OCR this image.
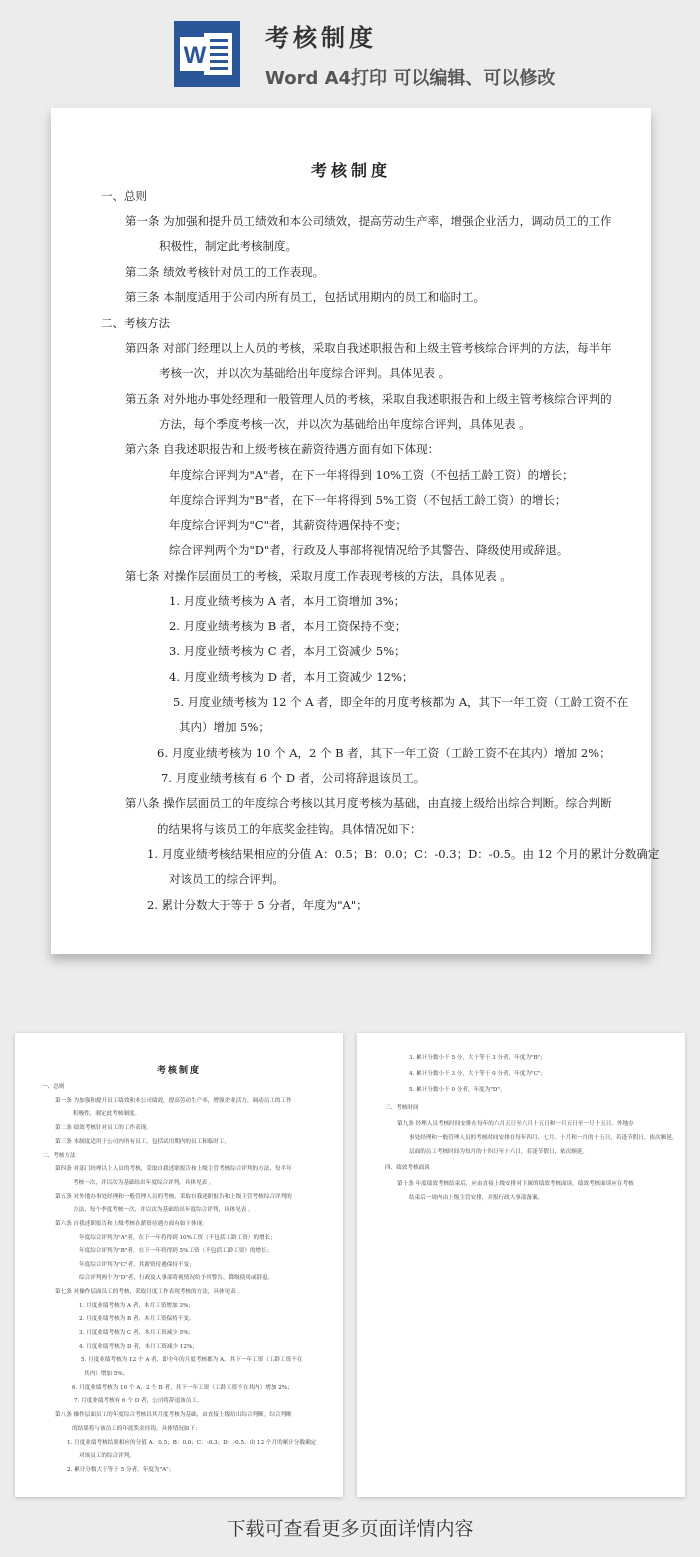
W
考核制度
Word A4打印 可以编辑、可以修改
考核制度
一、总则
第一条 为加强和提升员工绩效和本公司绩效，提高劳动生产率，增强企业活力，调动员工的工作
积极性，制定此考核制度。
第二条 绩效考核针对员工的工作表现。
第三条 本制度适用于公司内所有员工，包括试用期内的员工和临时工。
二、考核方法
第四条 对部门经理以上人员的考核，采取自我述职报告和上级主管考核综合评判的方法，每半年
考核一次，并以次为基础给出年度综合评判。具体见表 。
第五条 对外地办事处经理和一般管理人员的考核，采取自我述职报告和上级主管考核综合评判的
方法，每个季度考核一次，并以次为基础给出年度综合评判，具体见表 。
第六条 自我述职报告和上级考核在薪资待遇方面有如下体现：
年度综合评判为"A"者，在下一年将得到 10%工资（不包括工龄工资）的增长；
年度综合评判为"B"者，在下一年将得到 5%工资（不包括工龄工资）的增长；
年度综合评判为"C"者，其薪资待遇保持不变；
综合评判两个为"D"者，行政及人事部将视情况给予其警告、降级使用或辞退。
第七条 对操作层面员工的考核，采取月度工作表现考核的方法，具体见表 。
1. 月度业绩考核为 A 者，本月工资增加 3%；
2. 月度业绩考核为 B 者，本月工资保持不变；
3. 月度业绩考核为 C 者，本月工资减少 5%；
4. 月度业绩考核为 D 者，本月工资减少 12%；
5. 月度业绩考核为 12 个 A 者，即全年的月度考核都为 A，其下一年工资（工龄工资不在
其内）增加 5%；
6. 月度业绩考核为 10 个 A，2 个 B 者，其下一年工资（工龄工资不在其内）增加 2%；
7. 月度业绩考核有 6 个 D 者，公司将辞退该员工。
第八条 操作层面员工的年度综合考核以其月度考核为基础，由直接上级给出综合判断。综合判断
的结果将与该员工的年底奖金挂钩。具体情况如下：
1. 月度业绩考核结果相应的分值 A：0.5；B：0.0；C：-0.3；D：-0.5。由 12 个月的累计分数确定
对该员工的综合评判。
2. 累计分数大于等于 5 分者，年度为"A"；
考核制度
一、总则
第一条 为加强和提升员工绩效和本公司绩效，提高劳动生产率，增强企业活力，调动员工的工作
积极性，制定此考核制度。
第二条 绩效考核针对员工的工作表现。
第三条 本制度适用于公司内所有员工，包括试用期内的员工和临时工。
二、考核方法
第四条 对部门经理以上人员的考核，采取自我述职报告和上级主管考核综合评判的方法，每半年
考核一次，并以次为基础给出年度综合评判。具体见表 。
第五条 对外地办事处经理和一般管理人员的考核，采取自我述职报告和上级主管考核综合评判的
方法，每个季度考核一次，并以次为基础给出年度综合评判，具体见表 。
第六条 自我述职报告和上级考核在薪资待遇方面有如下体现：
年度综合评判为"A"者，在下一年将得到 10%工资（不包括工龄工资）的增长；
年度综合评判为"B"者，在下一年将得到 5%工资（不包括工龄工资）的增长；
年度综合评判为"C"者，其薪资待遇保持不变；
综合评判两个为"D"者，行政及人事部将视情况给予其警告、降级使用或辞退。
第七条 对操作层面员工的考核，采取月度工作表现考核的方法，具体见表 。
1. 月度业绩考核为 A 者，本月工资增加 3%；
2. 月度业绩考核为 B 者，本月工资保持不变；
3. 月度业绩考核为 C 者，本月工资减少 5%；
4. 月度业绩考核为 D 者，本月工资减少 12%；
5. 月度业绩考核为 12 个 A 者，即全年的月度考核都为 A，其下一年工资（工龄工资不在
其内）增加 5%；
6. 月度业绩考核为 10 个 A，2 个 B 者，其下一年工资（工龄工资不在其内）增加 2%；
7. 月度业绩考核有 6 个 D 者，公司将辞退该员工。
第八条 操作层面员工的年度综合考核以其月度考核为基础，由直接上级给出综合判断。综合判断
的结果将与该员工的年底奖金挂钩。具体情况如下：
1. 月度业绩考核结果相应的分值 A：0.5；B：0.0；C：-0.3；D：-0.5。由 12 个月的累计分数确定
对该员工的综合评判。
2. 累计分数大于等于 5 分者，年度为"A"；
3. 累计分数小于 5 分，大于等于 3 分者，年度为"B"；
4. 累计分数小于 3 分，大于等于 0 分者，年度为"C"；
5. 累计分数小于 0 分者，年度为"D"。
三、考核时间
第九条 经理人员考核时间安排在每年的六月五日至六月十五日和一月五日至一月十五日。外地办
事处经理和一般管理人员的考核时间安排在每年四月、七月、十月和一月的十五日，若逢节假日，依次顺延。
层面的员工考核时间为每月的十四日至十六日，若逢节假日，依次顺延。
四、绩效考核面谈
第十条 年度绩效考核结束后，应由直接上级安排对下属的绩效考核面谈。绩效考核面谈应在考核
结束后一周内由上级主管安排，并报行政人事部备案。
下载可查看更多页面详情内容
